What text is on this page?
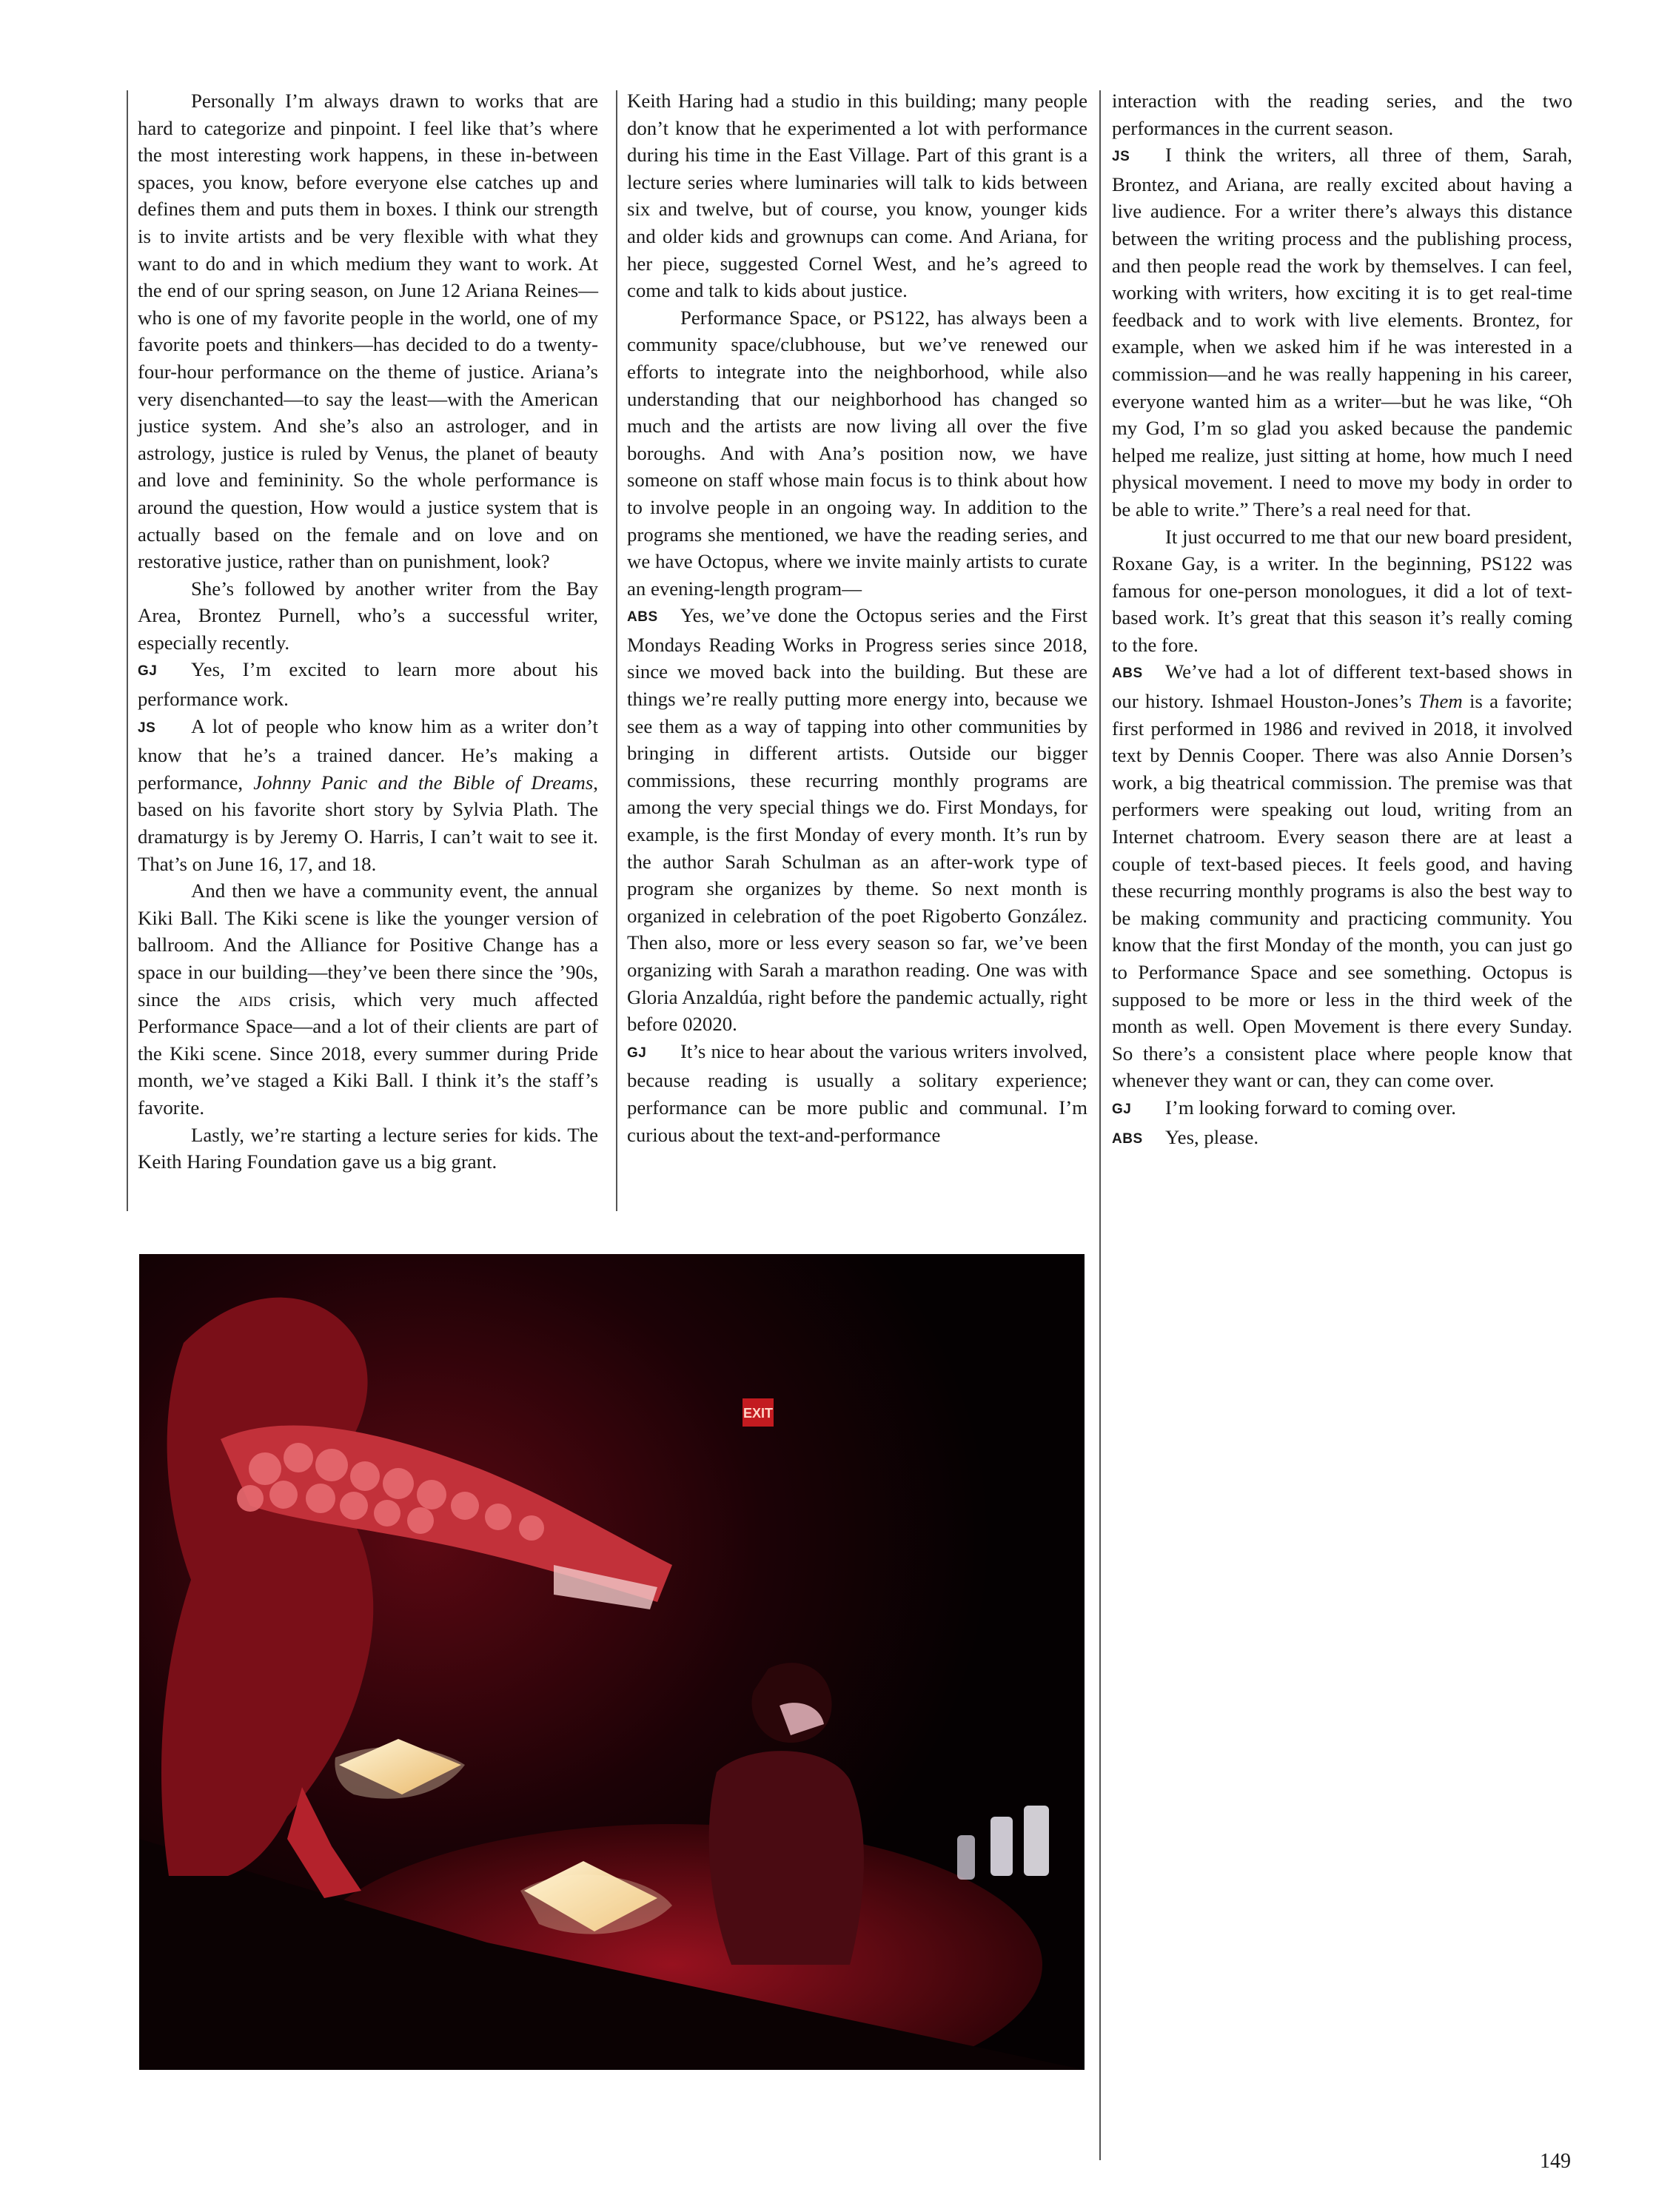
Personally I’m always drawn to works that are hard to categorize and pinpoint. I feel like that’s where the most interesting work happens, in these in-between spaces, you know, before everyone else catches up and defines them and puts them in boxes. I think our strength is to invite artists and be very flexible with what they want to do and in which medium they want to work. At the end of our spring season, on June 12 Ariana Reines—who is one of my favorite people in the world, one of my favorite poets and thinkers—has decided to do a twenty-four-hour performance on the theme of justice. Ariana’s very disenchanted—to say the least—with the American justice system. And she’s also an astrologer, and in astrology, justice is ruled by Venus, the planet of beauty and love and femininity. So the whole performance is around the question, How would a justice system that is actually based on the female and on love and on restorative justice, rather than on punishment, look?

She’s followed by another writer from the Bay Area, Brontez Purnell, who’s a successful writer, especially recently.

GJ Yes, I’m excited to learn more about his performance work.

JS A lot of people who know him as a writer don’t know that he’s a trained dancer. He’s making a performance, Johnny Panic and the Bible of Dreams, based on his favorite short story by Sylvia Plath. The dramaturgy is by Jeremy O. Harris, I can’t wait to see it. That’s on June 16, 17, and 18.

And then we have a community event, the annual Kiki Ball. The Kiki scene is like the younger version of ballroom. And the Alliance for Positive Change has a space in our building—they’ve been there since the ’90s, since the aids crisis, which very much affected Performance Space—and a lot of their clients are part of the Kiki scene. Since 2018, every summer during Pride month, we’ve staged a Kiki Ball. I think it’s the staff’s favorite.

Lastly, we’re starting a lecture series for kids. The Keith Haring Foundation gave us a big grant.

Keith Haring had a studio in this building; many people don’t know that he experimented a lot with performance during his time in the East Village. Part of this grant is a lecture series where luminaries will talk to kids between six and twelve, but of course, you know, younger kids and older kids and grownups can come. And Ariana, for her piece, suggested Cornel West, and he’s agreed to come and talk to kids about justice.

Performance Space, or PS122, has always been a community space/clubhouse, but we’ve renewed our efforts to integrate into the neighborhood, while also understanding that our neighborhood has changed so much and the artists are now living all over the five boroughs. And with Ana’s position now, we have someone on staff whose main focus is to think about how to involve people in an ongoing way. In addition to the programs she mentioned, we have the reading series, and we have Octopus, where we invite mainly artists to curate an evening-length program—

ABS Yes, we’ve done the Octopus series and the First Mondays Reading Works in Progress series since 2018, since we moved back into the building. But these are things we’re really putting more energy into, because we see them as a way of tapping into other communities by bringing in different artists. Outside our bigger commissions, these recurring monthly programs are among the very special things we do. First Mondays, for example, is the first Monday of every month. It’s run by the author Sarah Schulman as an after-work type of program she organizes by theme. So next month is organized in celebration of the poet Rigoberto González. Then also, more or less every season so far, we’ve been organizing with Sarah a marathon reading. One was with Gloria Anzaldúa, right before the pandemic actually, right before 02020.

GJ It’s nice to hear about the various writers involved, because reading is usually a solitary experience; performance can be more public and communal. I’m curious about the text-and-performance

interaction with the reading series, and the two performances in the current season.

JS I think the writers, all three of them, Sarah, Brontez, and Ariana, are really excited about having a live audience. For a writer there’s always this distance between the writing process and the publishing process, and then people read the work by themselves. I can feel, working with writers, how exciting it is to get real-time feedback and to work with live elements. Brontez, for example, when we asked him if he was interested in a commission—and he was really happening in his career, everyone wanted him as a writer—but he was like, “Oh my God, I’m so glad you asked because the pandemic helped me realize, just sitting at home, how much I need physical movement. I need to move my body in order to be able to write.” There’s a real need for that.

It just occurred to me that our new board president, Roxane Gay, is a writer. In the beginning, PS122 was famous for one-person monologues, it did a lot of text-based work. It’s great that this season it’s really coming to the fore.

ABS We’ve had a lot of different text-based shows in our history. Ishmael Houston-Jones’s Them is a favorite; first performed in 1986 and revived in 2018, it involved text by Dennis Cooper. There was also Annie Dorsen’s work, a big theatrical commission. The premise was that performers were speaking out loud, writing from an Internet chatroom. Every season there are at least a couple of text-based pieces. It feels good, and having these recurring monthly programs is also the best way to be making community and practicing community. You know that the first Monday of the month, you can just go to Performance Space and see something. Octopus is supposed to be more or less in the third week of the month as well. Open Movement is there every Sunday. So there’s a consistent place where people know that whenever they want or can, they can come over.

GJ I’m looking forward to coming over.

ABS Yes, please.

EXIT
149
